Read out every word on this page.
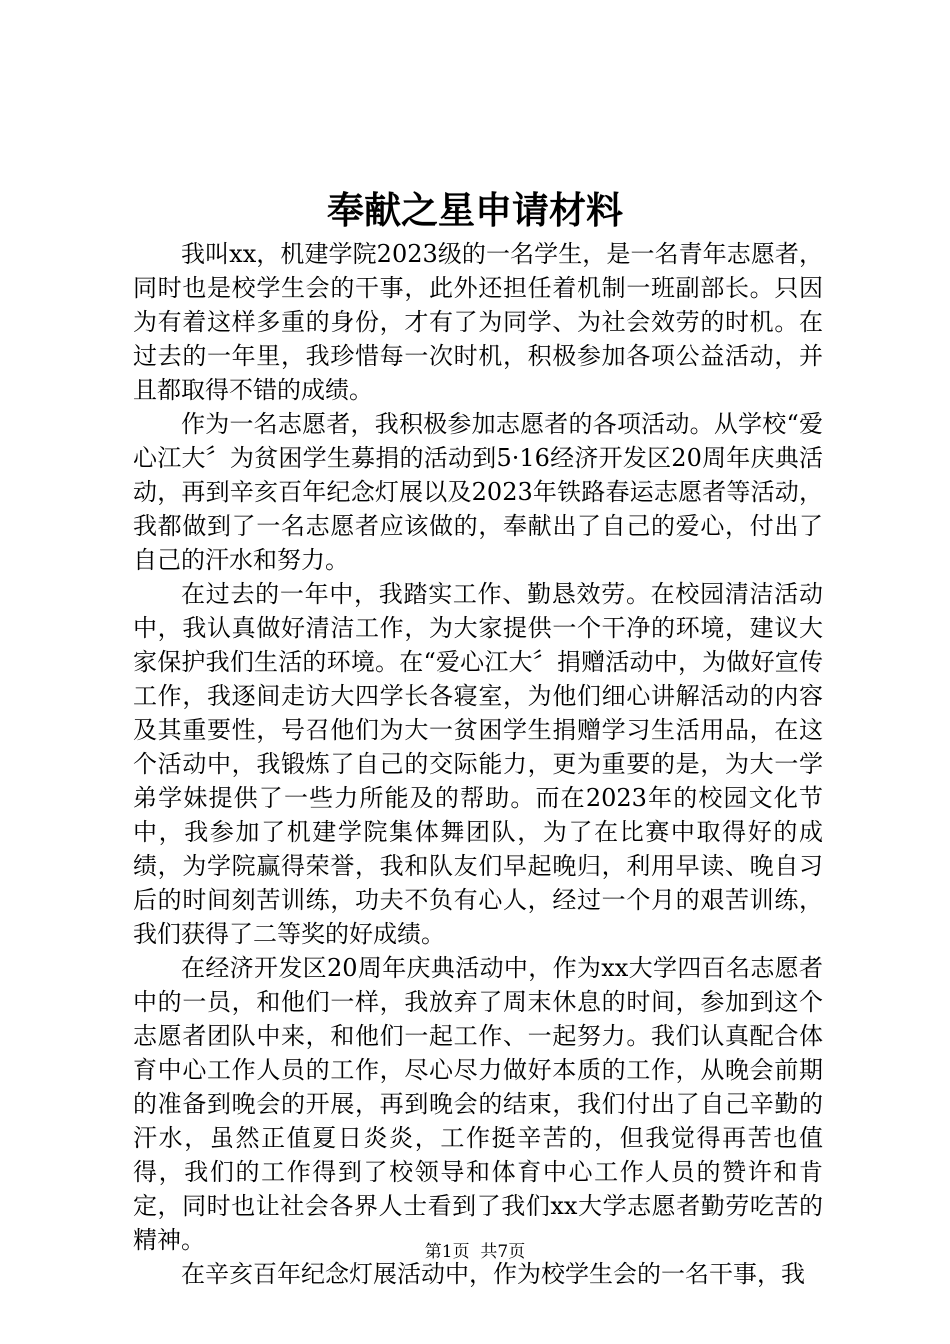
奉献之星申请材料

我叫xx，机建学院2023级的一名学生，是一名青年志愿者，同时也是校学生会的干事，此外还担任着机制一班副部长。只因为有着这样多重的身份，才有了为同学、为社会效劳的时机。在过去的一年里，我珍惜每一次时机，积极参加各项公益活动，并且都取得不错的成绩。

作为一名志愿者，我积极参加志愿者的各项活动。从学校“爱心江大〞为贫困学生募捐的活动到5·16经济开发区20周年庆典活动，再到辛亥百年纪念灯展以及2023年铁路春运志愿者等活动，我都做到了一名志愿者应该做的，奉献出了自己的爱心，付出了自己的汗水和努力。

在过去的一年中，我踏实工作、勤恳效劳。在校园清洁活动中，我认真做好清洁工作，为大家提供一个干净的环境，建议大家保护我们生活的环境。在“爱心江大〞捐赠活动中，为做好宣传工作，我逐间走访大四学长各寝室，为他们细心讲解活动的内容及其重要性，号召他们为大一贫困学生捐赠学习生活用品，在这个活动中，我锻炼了自己的交际能力，更为重要的是，为大一学弟学妹提供了一些力所能及的帮助。而在2023年的校园文化节中，我参加了机建学院集体舞团队，为了在比赛中取得好的成绩，为学院赢得荣誉，我和队友们早起晚归，利用早读、晚自习后的时间刻苦训练，功夫不负有心人，经过一个月的艰苦训练，我们获得了二等奖的好成绩。

在经济开发区20周年庆典活动中，作为xx大学四百名志愿者中的一员，和他们一样，我放弃了周末休息的时间，参加到这个志愿者团队中来，和他们一起工作、一起努力。我们认真配合体育中心工作人员的工作，尽心尽力做好本质的工作，从晚会前期的准备到晚会的开展，再到晚会的结束，我们付出了自己辛勤的汗水，虽然正值夏日炎炎，工作挺辛苦的，但我觉得再苦也值得，我们的工作得到了校领导和体育中心工作人员的赞许和肯定，同时也让社会各界人士看到了我们xx大学志愿者勤劳吃苦的精神。

在辛亥百年纪念灯展活动中，作为校学生会的一名干事，我

第1页 共7页
